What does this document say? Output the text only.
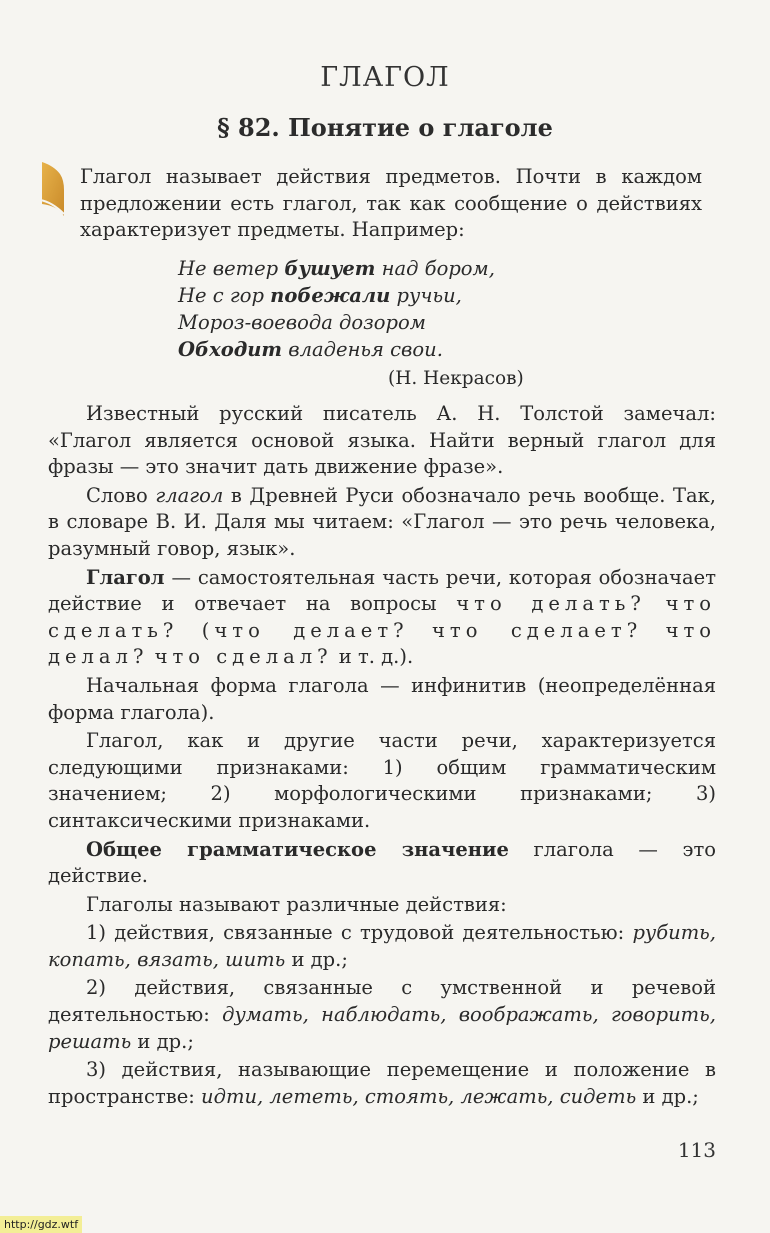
ГЛАГОЛ
§ 82. Понятие о глаголе
Глагол называет действия предметов. Почти в каждом предложении есть глагол, так как сообщение о действиях характеризует предметы. Например:
Не ветер бушует над бором,
Не с гор побежали ручьи,
Мороз-воевода дозором
Обходит владенья свои.
(Н. Некрасов)

Известный русский писатель А. Н. Толстой замечал: «Глагол является основой языка. Найти верный глагол для фразы — это значит дать движение фразе».

Слово глагол в Древней Руси обозначало речь вообще. Так, в словаре В. И. Даля мы читаем: «Глагол — это речь человека, разумный говор, язык».

Глагол — самостоятельная часть речи, которая обозначает действие и отвечает на вопросы что делать? что сделать? (что делает? что сделает? что делал? что сделал? и т. д.).

Начальная форма глагола — инфинитив (неопределённая форма глагола).

Глагол, как и другие части речи, характеризуется следующими признаками: 1) общим грамматическим значением; 2) морфологическими признаками; 3) синтаксическими признаками.

Общее грамматическое значение глагола — это действие.

Глаголы называют различные действия:

1) действия, связанные с трудовой деятельностью: рубить, копать, вязать, шить и др.;

2) действия, связанные с умственной и речевой деятельностью: думать, наблюдать, воображать, говорить, решать и др.;

3) действия, называющие перемещение и положение в пространстве: идти, лететь, стоять, лежать, сидеть и др.;

113
http://gdz.wtf
